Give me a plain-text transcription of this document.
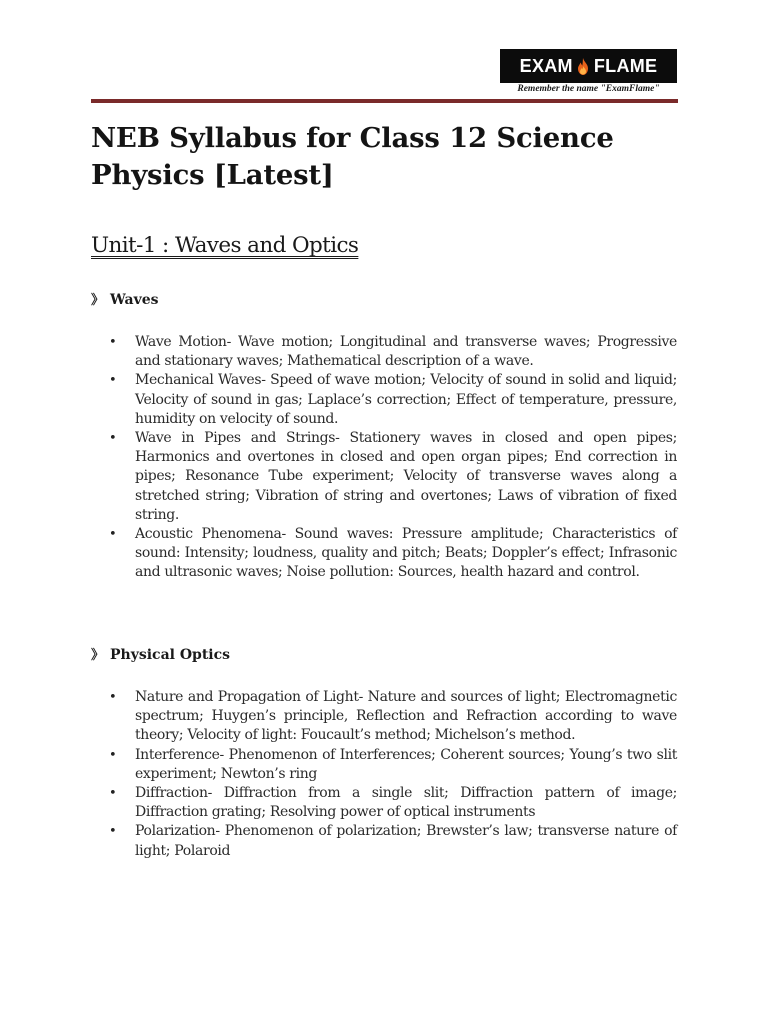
EXAM FLAME
Remember the name "ExamFlame"
NEB Syllabus for Class 12 Science Physics [Latest]
Unit-1 : Waves and Optics
》 Waves
• Wave Motion- Wave motion; Longitudinal and transverse waves; Progressive and stationary waves; Mathematical description of a wave.
• Mechanical Waves- Speed of wave motion; Velocity of sound in solid and liquid; Velocity of sound in gas; Laplace’s correction; Effect of temperature, pressure, humidity on velocity of sound.
• Wave in Pipes and Strings- Stationery waves in closed and open pipes; Harmonics and overtones in closed and open organ pipes; End correction in pipes; Resonance Tube experiment; Velocity of transverse waves along a stretched string; Vibration of string and overtones; Laws of vibration of fixed string.
• Acoustic Phenomena- Sound waves: Pressure amplitude; Characteristics of sound: Intensity; loudness, quality and pitch; Beats; Doppler’s effect; Infrasonic and ultrasonic waves; Noise pollution: Sources, health hazard and control.
》 Physical Optics
• Nature and Propagation of Light- Nature and sources of light; Electromagnetic spectrum; Huygen’s principle, Reflection and Refraction according to wave theory; Velocity of light: Foucault’s method; Michelson’s method.
• Interference- Phenomenon of Interferences; Coherent sources; Young’s two slit experiment; Newton’s ring
• Diffraction- Diffraction from a single slit; Diffraction pattern of image; Diffraction grating; Resolving power of optical instruments
• Polarization- Phenomenon of polarization; Brewster’s law; transverse nature of light; Polaroid
